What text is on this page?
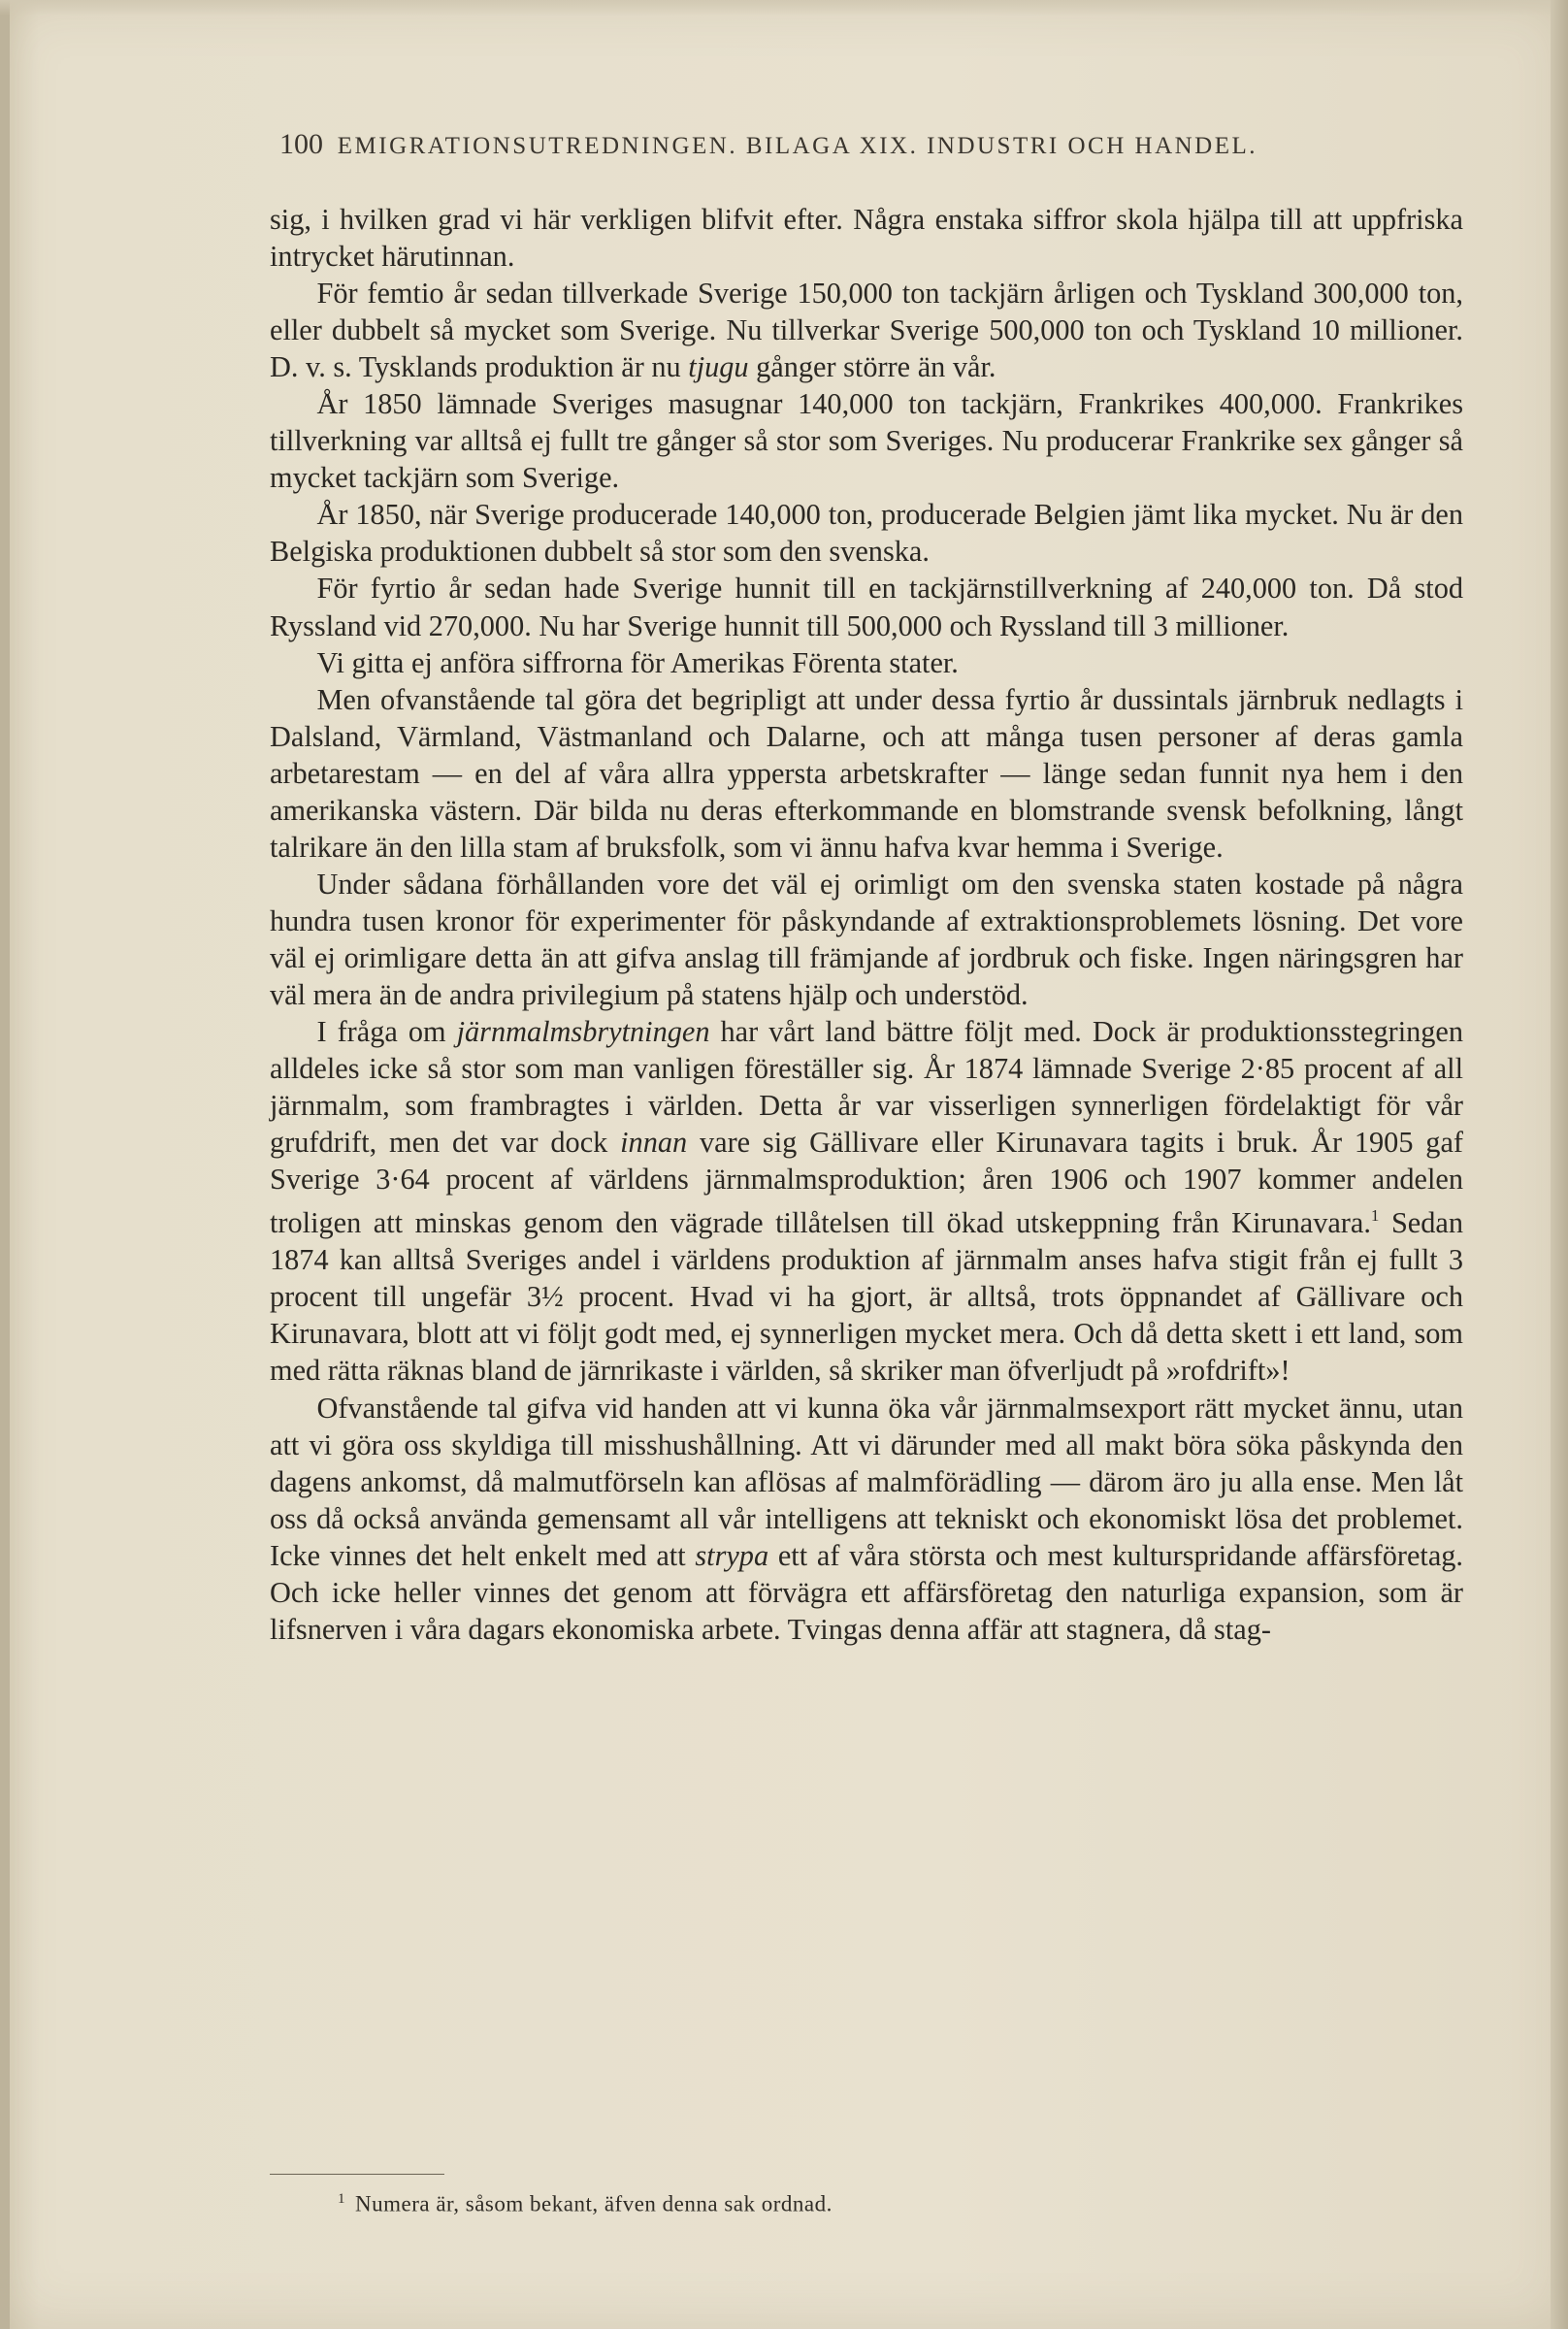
100 EMIGRATIONSUTREDNINGEN. BILAGA XIX. INDUSTRI OCH HANDEL.

sig, i hvilken grad vi här verkligen blifvit efter. Några enstaka siffror skola hjälpa till att uppfriska intrycket härutinnan.

För femtio år sedan tillverkade Sverige 150,000 ton tackjärn årligen och Tyskland 300,000 ton, eller dubbelt så mycket som Sverige. Nu tillverkar Sverige 500,000 ton och Tyskland 10 millioner. D. v. s. Tysklands produktion är nu tjugu gånger större än vår.

År 1850 lämnade Sveriges masugnar 140,000 ton tackjärn, Frankrikes 400,000. Frankrikes tillverkning var alltså ej fullt tre gånger så stor som Sveriges. Nu producerar Frankrike sex gånger så mycket tackjärn som Sverige.

År 1850, när Sverige producerade 140,000 ton, producerade Belgien jämt lika mycket. Nu är den Belgiska produktionen dubbelt så stor som den svenska.

För fyrtio år sedan hade Sverige hunnit till en tackjärnstillverkning af 240,000 ton. Då stod Ryssland vid 270,000. Nu har Sverige hunnit till 500,000 och Ryssland till 3 millioner.

Vi gitta ej anföra siffrorna för Amerikas Förenta stater.

Men ofvanstående tal göra det begripligt att under dessa fyrtio år dussintals järnbruk nedlagts i Dalsland, Värmland, Västmanland och Dalarne, och att många tusen personer af deras gamla arbetarestam — en del af våra allra yppersta arbetskrafter — länge sedan funnit nya hem i den amerikanska västern. Där bilda nu deras efterkommande en blomstrande svensk befolkning, långt talrikare än den lilla stam af bruksfolk, som vi ännu hafva kvar hemma i Sverige.

Under sådana förhållanden vore det väl ej orimligt om den svenska staten kostade på några hundra tusen kronor för experimenter för påskyndande af extraktionsproblemets lösning. Det vore väl ej orimligare detta än att gifva anslag till främjande af jordbruk och fiske. Ingen näringsgren har väl mera än de andra privilegium på statens hjälp och understöd.

I fråga om järnmalmsbrytningen har vårt land bättre följt med. Dock är produktionsstegringen alldeles icke så stor som man vanligen föreställer sig. År 1874 lämnade Sverige 2·85 procent af all järnmalm, som frambragtes i världen. Detta år var visserligen synnerligen fördelaktigt för vår grufdrift, men det var dock innan vare sig Gällivare eller Kirunavara tagits i bruk. År 1905 gaf Sverige 3·64 procent af världens järnmalmsproduktion; åren 1906 och 1907 kommer andelen troligen att minskas genom den vägrade tillåtelsen till ökad utskeppning från Kirunavara.$^1$ Sedan 1874 kan alltså Sveriges andel i världens produktion af järnmalm anses hafva stigit från ej fullt 3 procent till ungefär 3½ procent. Hvad vi ha gjort, är alltså, trots öppnandet af Gällivare och Kirunavara, blott att vi följt godt med, ej synnerligen mycket mera. Och då detta skett i ett land, som med rätta räknas bland de järnrikaste i världen, så skriker man öfverljudt på »rofdrift»!

Ofvanstående tal gifva vid handen att vi kunna öka vår järnmalmsexport rätt mycket ännu, utan att vi göra oss skyldiga till misshushållning. Att vi därunder med all makt böra söka påskynda den dagens ankomst, då malmutförseln kan aflösas af malmförädling — därom äro ju alla ense. Men låt oss då också använda gemensamt all vår intelligens att tekniskt och ekonomiskt lösa det problemet. Icke vinnes det helt enkelt med att strypa ett af våra största och mest kulturspridande affärsföretag. Och icke heller vinnes det genom att förvägra ett affärsföretag den naturliga expansion, som är lifsnerven i våra dagars ekonomiska arbete. Tvingas denna affär att stagnera, då stag-

$^1$ Numera är, såsom bekant, äfven denna sak ordnad.
